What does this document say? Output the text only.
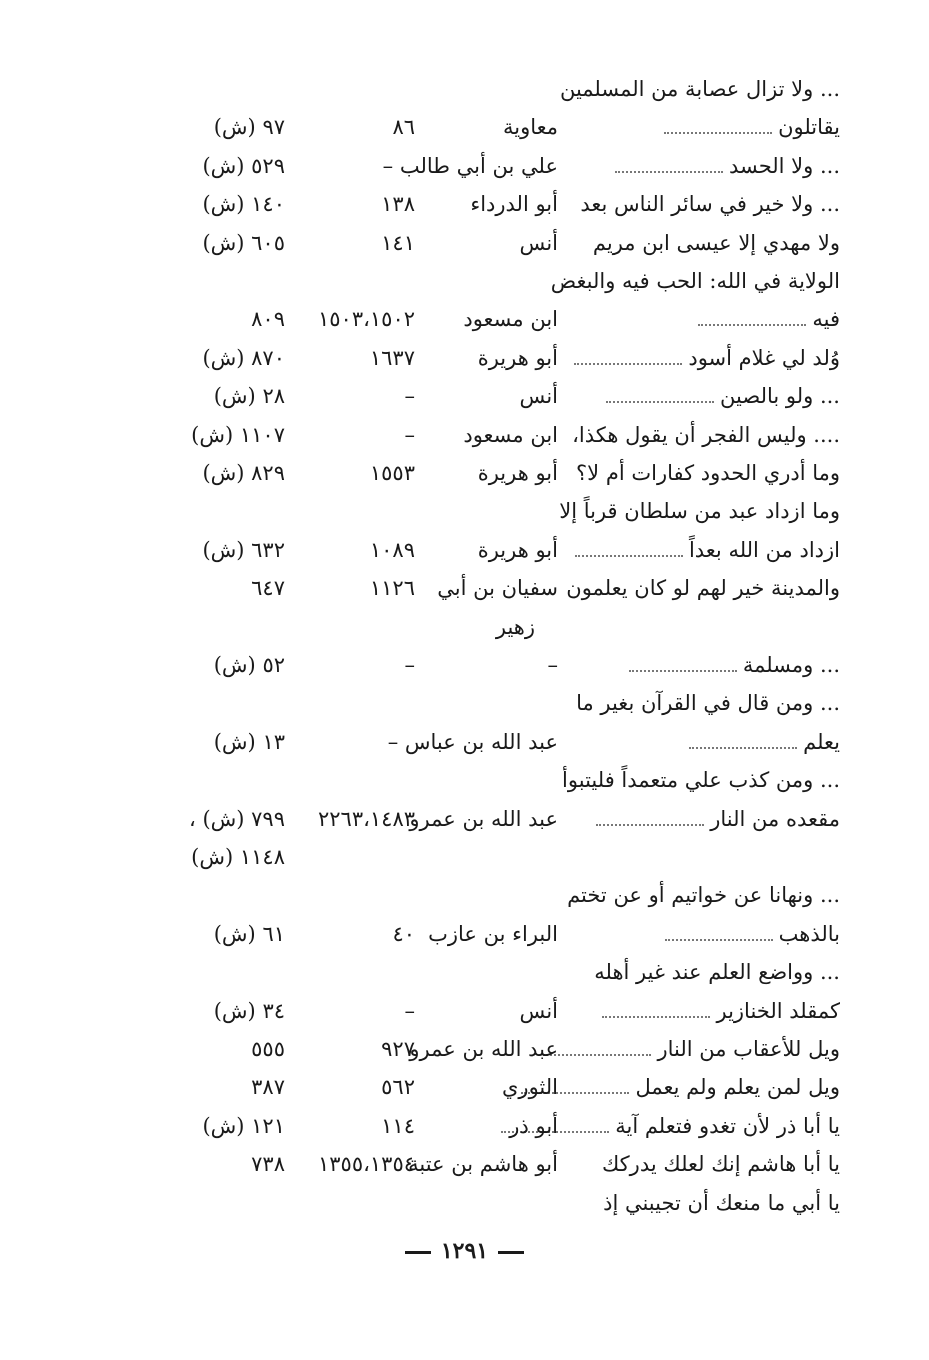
... ولا تزال عصابة من المسلمين
يقاتلون
معاوية
٨٦
٩٧ (ش)
... ولا الحسد
علي بن أبي طالب –
٥٢٩ (ش)
... ولا خير في سائر الناس بعد
أبو الدرداء
١٣٨
١٤٠ (ش)
ولا مهدي إلا عيسى ابن مريم
أنس
١٤١
٦٠٥ (ش)
الولاية في الله: الحب فيه والبغض
فيه
ابن مسعود
١٥٠٣،١٥٠٢
٨٠٩
وُلد لي غلام أسود
أبو هريرة
١٦٣٧
٨٧٠ (ش)
... ولو بالصين
أنس
–
٢٨ (ش)
.... وليس الفجر أن يقول هكذا،
ابن مسعود
–
١١٠٧ (ش)
وما أدري الحدود كفارات أم لا؟
أبو هريرة
١٥٥٣
٨٢٩ (ش)
وما ازداد عبد من سلطان قرباً إلا
ازداد من الله بعداً
أبو هريرة
١٠٨٩
٦٣٢ (ش)
والمدينة خير لهم لو كان يعلمون
سفيان بن أبي
١١٢٦
٦٤٧
زهير
... ومسلمة
–
–
٥٢ (ش)
... ومن قال في القرآن بغير ما
يعلم
عبد الله بن عباس –
١٣ (ش)
... ومن كذب علي متعمداً فليتبوأ
مقعده من النار
عبد الله بن عمرو
٢٢٦٣،١٤٨٣
٧٩٩ (ش) ،
١١٤٨ (ش)
... ونهانا عن خواتيم أو عن تختم
بالذهب
البراء بن عازب
٤٠
٦١ (ش)
... وواضع العلم عند غير أهله
كمقلد الخنازير
أنس
–
٣٤ (ش)
ويل للأعقاب من النار
عبد الله بن عمرو
٩٢٧
٥٥٥
ويل لمن يعلم ولم يعمل
الثوري
٥٦٢
٣٨٧
يا أبا ذر لأن تغدو فتعلم آية
أبو ذر
١١٤
١٢١ (ش)
يا أبا هاشم إنك لعلك يدركك
أبو هاشم بن عتبة
١٣٥٥،١٣٥٤
٧٣٨
يا أبي ما منعك أن تجيبني إذ
١٢٩١
